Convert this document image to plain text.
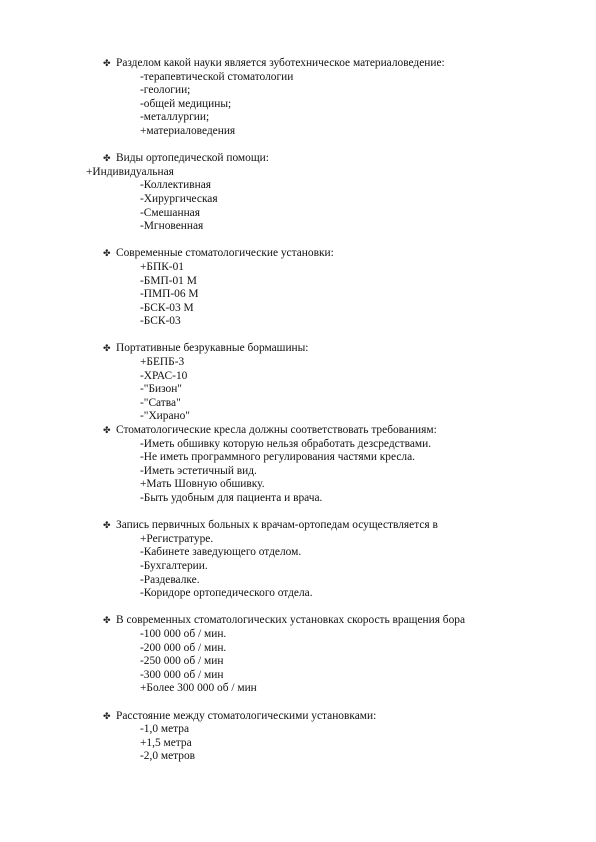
✤ Разделом какой науки является зуботехническое материаловедение:
-терапевтической стоматологии
-геологии;
-общей медицины;
-металлургии;
+материаловедения
✤ Виды ортопедической помощи:
+Индивидуальная
-Коллективная
-Хирургическая
-Смешанная
-Мгновенная
✤ Современные стоматологические установки:
+БПК-01
-БМП-01 М
-ПМП-06 М
-БСК-03 М
-БСК-03
✤ Портативные безрукавные бормашины:
+БЕПБ-3
-ХРАС-10
-"Бизон"
-"Сатва"
-"Хирано"
✤ Стоматологические кресла должны соответствовать требованиям:
-Иметь обшивку которую нельзя обработать дезсредствами.
-Не иметь программного регулирования частями кресла.
-Иметь эстетичный вид.
+Мать Шовную обшивку.
-Быть удобным для пациента и врача.
✤ Запись первичных больных к врачам-ортопедам осуществляется в
+Регистратуре.
-Кабинете заведующего отделом.
-Бухгалтерии.
-Раздевалке.
-Коридоре ортопедического отдела.
✤ В современных стоматологических установках скорость вращения бора
-100 000 об / мин.
-200 000 об / мин.
-250 000 об / мин
-300 000 об / мин
+Более 300 000 об / мин
✤ Расстояние между стоматологическими установками:
-1,0 метра
+1,5 метра
-2,0 метров
